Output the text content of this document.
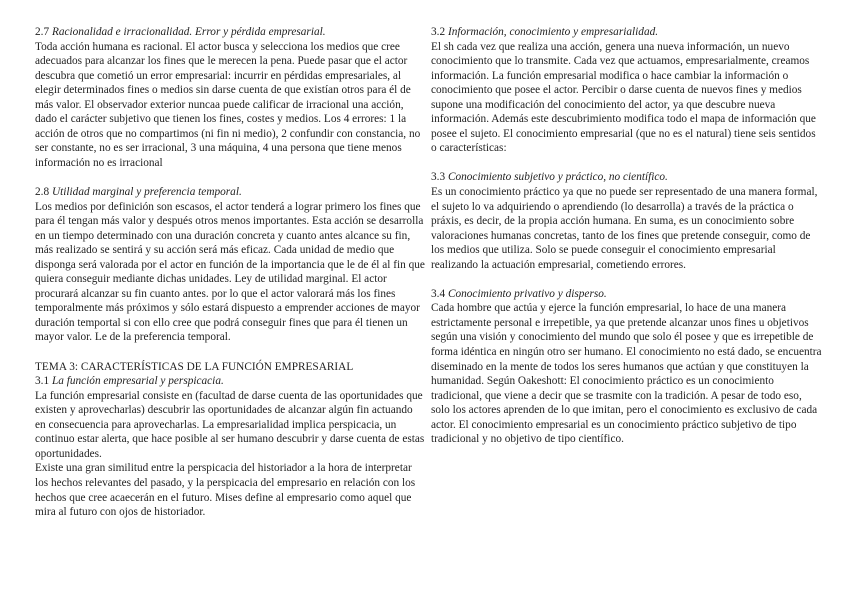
2.7 Racionalidad e irracionalidad. Error y pérdida empresarial.

Toda acción humana es racional. El actor busca y selecciona los medios que cree adecuados para alcanzar los fines que le merecen la pena. Puede pasar que el actor descubra que cometió un error empresarial: incurrir en pérdidas empresariales, al elegir determinados fines o medios sin darse cuenta de que existían otros para él de más valor. El observador exterior nuncaa puede calificar de irracional una acción, dado el carácter subjetivo que tienen los fines, costes y medios. Los 4 errores: 1 la acción de otros que no compartimos (ni fin ni medio), 2 confundir con constancia, no ser constante, no es ser irracional, 3 una máquina, 4 una persona que tiene menos información no es irracional

2.8 Utilidad marginal y preferencia temporal.

Los medios por definición son escasos, el actor tenderá a lograr primero los fines que para él tengan más valor y después otros menos importantes. Esta acción se desarrolla en un tiempo determinado con una duración concreta y cuanto antes alcance su fin, más realizado se sentirá y su acción será más eficaz. Cada unidad de medio que disponga será valorada por el actor en función de la importancia que le de él al fin que quiera conseguir mediante dichas unidades. Ley de utilidad marginal. El actor procurará alcanzar su fin cuanto antes. por lo que el actor valorará más los fines temporalmente más próximos y sólo estará dispuesto a emprender acciones de mayor duración temportal si con ello cree que podrá conseguir fines que para él tienen un mayor valor. Le de la preferencia temporal.

TEMA 3: CARACTERÍSTICAS DE LA FUNCIÓN EMPRESARIAL
3.1 La función empresarial y perspicacia.

La función empresarial consiste en (facultad de darse cuenta de las oportunidades que existen y aprovecharlas) descubrir las oportunidades de alcanzar algún fin actuando en consecuencia para aprovecharlas. La empresarialidad implica perspicacia, un continuo estar alerta, que hace posible al ser humano descubrir y darse cuenta de estas oportunidades.

Existe una gran similitud entre la perspicacia del historiador a la hora de interpretar los hechos relevantes del pasado, y la perspicacia del empresario en relación con los hechos que cree acaecerán en el futuro. Mises define al empresario como aquel que mira al futuro con ojos de historiador.

3.2 Información, conocimiento y empresarialidad.

El sh cada vez que realiza una acción, genera una nueva información, un nuevo conocimiento que lo transmite. Cada vez que actuamos, empresarialmente, creamos información. La función empresarial modifica o hace cambiar la información o conocimiento que posee el actor. Percibir o darse cuenta de nuevos fines y medios supone una modificación del conocimiento del actor, ya que descubre nueva información. Además este descubrimiento modifica todo el mapa de información que posee el sujeto. El conocimiento empresarial (que no es el natural) tiene seis sentidos o características:

3.3 Conocimiento subjetivo y práctico, no científico.

Es un conocimiento práctico ya que no puede ser representado de una manera formal, el sujeto lo va adquiriendo o aprendiendo (lo desarrolla) a través de la práctica o práxis, es decir, de la propia acción humana. En suma, es un conocimiento sobre valoraciones humanas concretas, tanto de los fines que pretende conseguir, como de los medios que utiliza. Solo se puede conseguir el conocimiento empresarial realizando la actuación empresarial, cometiendo errores.

3.4 Conocimiento privativo y disperso.

Cada hombre que actúa y ejerce la función empresarial, lo hace de una manera estrictamente personal e irrepetible, ya que pretende alcanzar unos fines u objetivos según una visión y conocimiento del mundo que solo él posee y que es irrepetible de forma idéntica en ningún otro ser humano. El conocimiento no está dado, se encuentra diseminado en la mente de todos los seres humanos que actúan y que constituyen la humanidad. Según Oakeshott: El conocimiento práctico es un conocimiento tradicional, que viene a decir que se trasmite con la tradición. A pesar de todo eso, solo los actores aprenden de lo que imitan, pero el conocimiento es exclusivo de cada actor. El conocimiento empresarial es un conocimiento práctico subjetivo de tipo tradicional y no objetivo de tipo científico.
